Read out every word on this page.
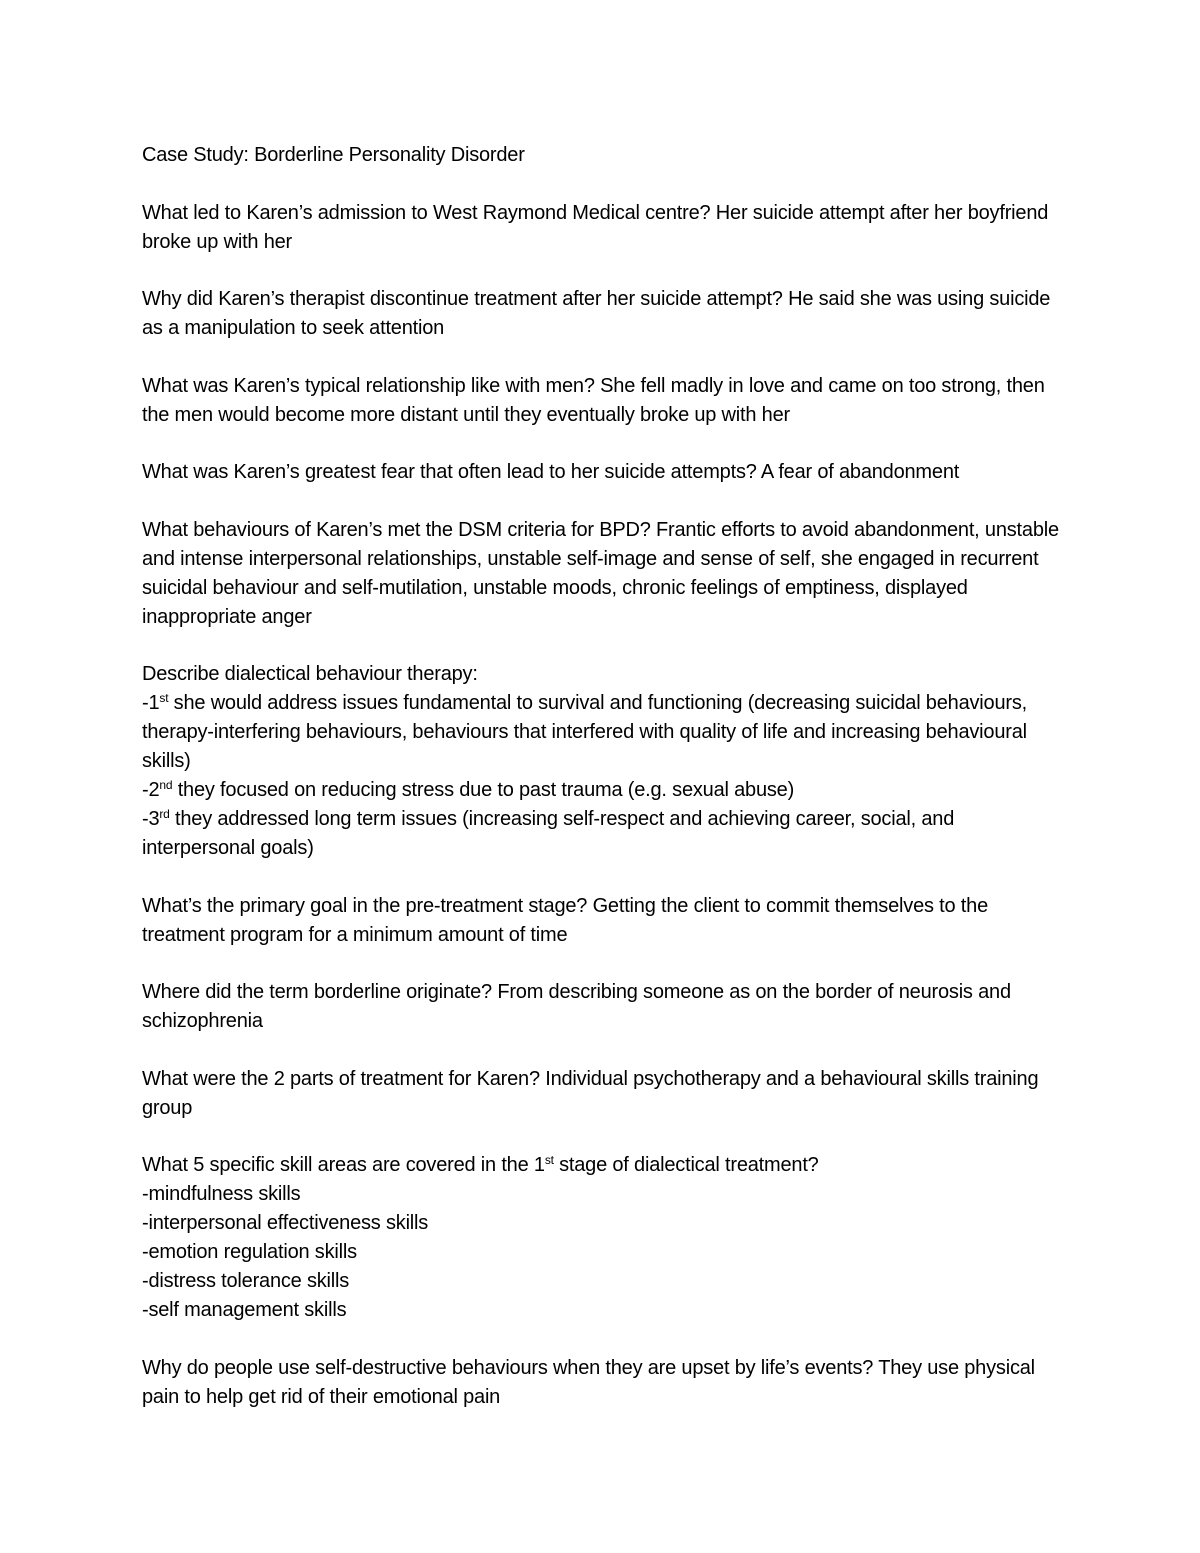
Case Study: Borderline Personality Disorder

What led to Karen’s admission to West Raymond Medical centre? Her suicide attempt after her boyfriend broke up with her

Why did Karen’s therapist discontinue treatment after her suicide attempt? He said she was using suicide as a manipulation to seek attention

What was Karen’s typical relationship like with men? She fell madly in love and came on too strong, then the men would become more distant until they eventually broke up with her

What was Karen’s greatest fear that often lead to her suicide attempts? A fear of abandonment

What behaviours of Karen’s met the DSM criteria for BPD? Frantic efforts to avoid abandonment, unstable and intense interpersonal relationships, unstable self-image and sense of self, she engaged in recurrent suicidal behaviour and self-mutilation, unstable moods, chronic feelings of emptiness, displayed inappropriate anger

Describe dialectical behaviour therapy:
-1st she would address issues fundamental to survival and functioning (decreasing suicidal behaviours, therapy-interfering behaviours, behaviours that interfered with quality of life and increasing behavioural skills)
-2nd they focused on reducing stress due to past trauma (e.g. sexual abuse)
-3rd they addressed long term issues (increasing self-respect and achieving career, social, and interpersonal goals)

What’s the primary goal in the pre-treatment stage? Getting the client to commit themselves to the treatment program for a minimum amount of time

Where did the term borderline originate? From describing someone as on the border of neurosis and schizophrenia

What were the 2 parts of treatment for Karen? Individual psychotherapy and a behavioural skills training group

What 5 specific skill areas are covered in the 1st stage of dialectical treatment?
-mindfulness skills
-interpersonal effectiveness skills
-emotion regulation skills
-distress tolerance skills
-self management skills

Why do people use self-destructive behaviours when they are upset by life’s events? They use physical pain to help get rid of their emotional pain
